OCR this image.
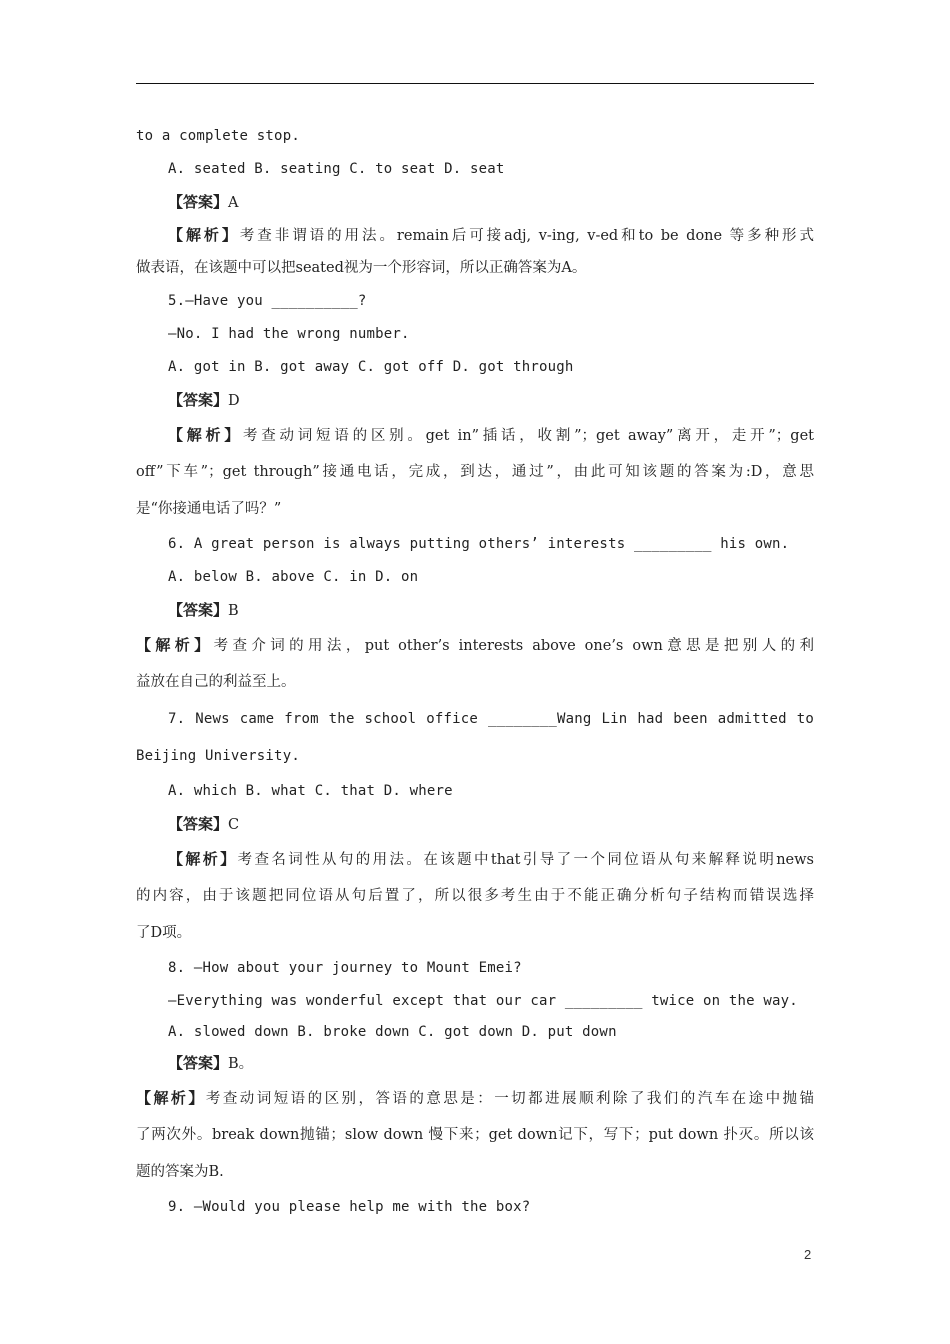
to a complete stop.
A. seated B. seating C. to seat D. seat
【答案】A
【解析】考查非谓语的用法。remain后可接adj, v-ing, v-ed和to be done 等多种形式
做表语，在该题中可以把seated视为一个形容词，所以正确答案为A。
5.—Have you __________?
—No. I had the wrong number.
A. got in B. got away C. got off D. got through
【答案】D
【解析】考查动词短语的区别。get in”插话，收割”；get away”离开，走开”；get
off”下车”；get through”接通电话，完成，到达，通过”，由此可知该题的答案为:D，意思
是“你接通电话了吗？”
6. A great person is always putting others’ interests _________ his own.
A. below B. above C. in D. on
【答案】B
【解析】考查介词的用法，put other’s interests above one’s own意思是把别人的利
益放在自己的利益至上。
7. News came from the school office ________Wang Lin had been admitted to
Beijing University.
A. which B. what C. that D. where
【答案】C
【解析】考查名词性从句的用法。在该题中that引导了一个同位语从句来解释说明news
的内容，由于该题把同位语从句后置了，所以很多考生由于不能正确分析句子结构而错误选择
了D项。
8. —How about your journey to Mount Emei?
—Everything was wonderful except that our car _________ twice on the way.
A. slowed down B. broke down C. got down D. put down
【答案】B。
【解析】考查动词短语的区别，答语的意思是：一切都进展顺利除了我们的汽车在途中抛锚
了两次外。break down抛锚；slow down 慢下来；get down记下，写下；put down 扑灭。所以该
题的答案为B.
9. —Would you please help me with the box?
2
